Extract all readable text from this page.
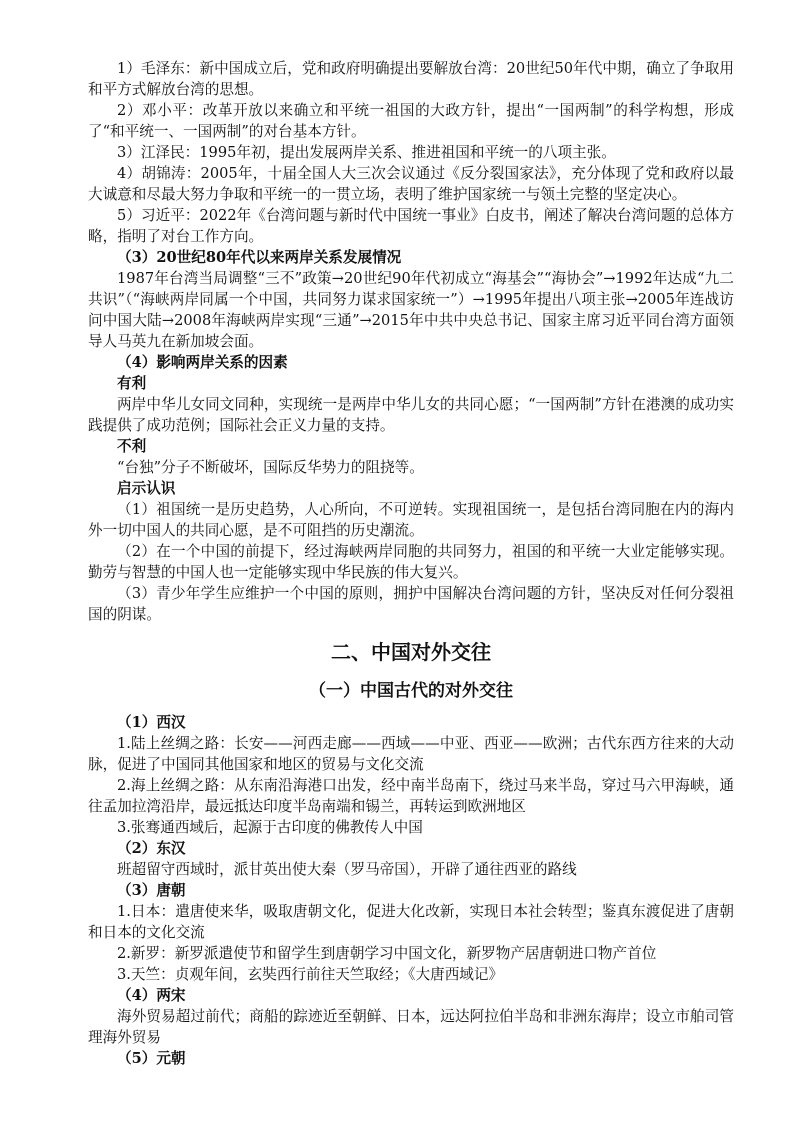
1）毛泽东：新中国成立后，党和政府明确提出要解放台湾：20世纪50年代中期，确立了争取用和平方式解放台湾的思想。

2）邓小平：改革开放以来确立和平统一祖国的大政方针，提出“一国两制”的科学构想，形成了“和平统一、一国两制”的对台基本方针。

3）江泽民：1995年初，提出发展两岸关系、推进祖国和平统一的八项主张。

4）胡锦涛：2005年，十届全国人大三次会议通过《反分裂国家法》，充分体现了党和政府以最大诚意和尽最大努力争取和平统一的一贯立场，表明了维护国家统一与领土完整的坚定决心。

5）习近平：2022年《台湾问题与新时代中国统一事业》白皮书，阐述了解决台湾问题的总体方略，指明了对台工作方向。

（3）20世纪80年代以来两岸关系发展情况

1987年台湾当局调整“三不”政策→20世纪90年代初成立“海基会”“海协会”→1992年达成“九二共识”（“海峡两岸同属一个中国，共同努力谋求国家统一”）→1995年提出八项主张→2005年连战访问中国大陆→2008年海峡两岸实现“三通”→2015年中共中央总书记、国家主席习近平同台湾方面领导人马英九在新加坡会面。

（4）影响两岸关系的因素

有利

两岸中华儿女同文同种，实现统一是两岸中华儿女的共同心愿；“一国两制”方针在港澳的成功实践提供了成功范例；国际社会正义力量的支持。

不利

“台独”分子不断破坏，国际反华势力的阻挠等。

启示认识

（1）祖国统一是历史趋势，人心所向，不可逆转。实现祖国统一，是包括台湾同胞在内的海内外一切中国人的共同心愿，是不可阻挡的历史潮流。

（2）在一个中国的前提下，经过海峡两岸同胞的共同努力，祖国的和平统一大业定能够实现。勤劳与智慧的中国人也一定能够实现中华民族的伟大复兴。

（3）青少年学生应维护一个中国的原则，拥护中国解决台湾问题的方针，坚决反对任何分裂祖国的阴谋。

二、中国对外交往

（一）中国古代的对外交往

（1）西汉

1.陆上丝绸之路：长安——河西走廊——西域——中亚、西亚——欧洲；古代东西方往来的大动脉，促进了中国同其他国家和地区的贸易与文化交流

2.海上丝绸之路：从东南沿海港口出发，经中南半岛南下，绕过马来半岛，穿过马六甲海峡，通往孟加拉湾沿岸，最远抵达印度半岛南端和锡兰，再转运到欧洲地区

3.张骞通西域后，起源于古印度的佛教传人中国

（2）东汉

班超留守西域时，派甘英出使大秦（罗马帝国），开辟了通往西亚的路线

（3）唐朝

1.日本：遣唐使来华，吸取唐朝文化，促进大化改新，实现日本社会转型；鉴真东渡促进了唐朝和日本的文化交流

2.新罗：新罗派遣使节和留学生到唐朝学习中国文化，新罗物产居唐朝进口物产首位

3.天竺：贞观年间，玄奘西行前往天竺取经；《大唐西域记》

（4）两宋

海外贸易超过前代；商船的踪迹近至朝鲜、日本，远达阿拉伯半岛和非洲东海岸；设立市舶司管理海外贸易

（5）元朝
